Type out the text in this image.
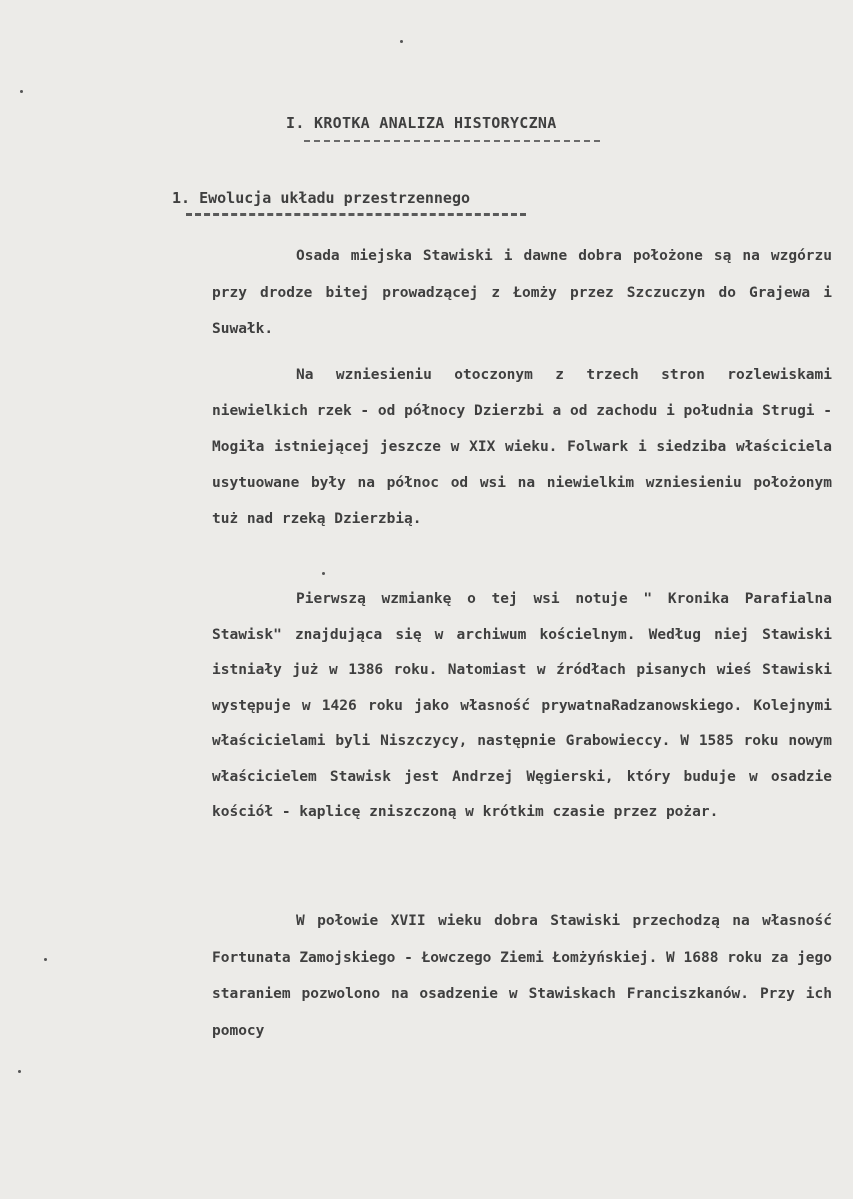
I. KROTKA ANALIZA HISTORYCZNA
1. Ewolucja układu przestrzennego

Osada miejska Stawiski i dawne dobra położone są na wzgórzu przy drodze bitej prowadzącej z Łomży przez Szczuczyn do Grajewa i Suwałk.

Na wzniesieniu otoczonym z trzech stron rozlewiskami niewielkich rzek - od północy Dzierzbi a od zachodu i południa Strugi - Mogiła istniejącej jeszcze w XIX wieku. Folwark i siedziba właściciela usytuowane były na północ od wsi na niewielkim wzniesieniu położonym tuż nad rzeką Dzierzbią.

Pierwszą wzmiankę o tej wsi notuje " Kronika Parafialna Stawisk" znajdująca się w archiwum kościelnym. Według niej Stawiski istniały już w 1386 roku. Natomiast w źródłach pisanych wieś Stawiski występuje w 1426 roku jako własność prywatnaRadzanowskiego. Kolejnymi właścicielami byli Niszczycy, następnie Grabowieccy. W 1585 roku nowym właścicielem Stawisk jest Andrzej Węgierski, który buduje w osadzie kościół - kaplicę zniszczoną w krótkim czasie przez pożar.

W połowie XVII wieku dobra Stawiski przechodzą na własność Fortunata Zamojskiego - Łowczego Ziemi Łomżyńskiej. W 1688 roku za jego staraniem pozwolono na osadzenie w Stawiskach Franciszkanów. Przy ich pomocy
